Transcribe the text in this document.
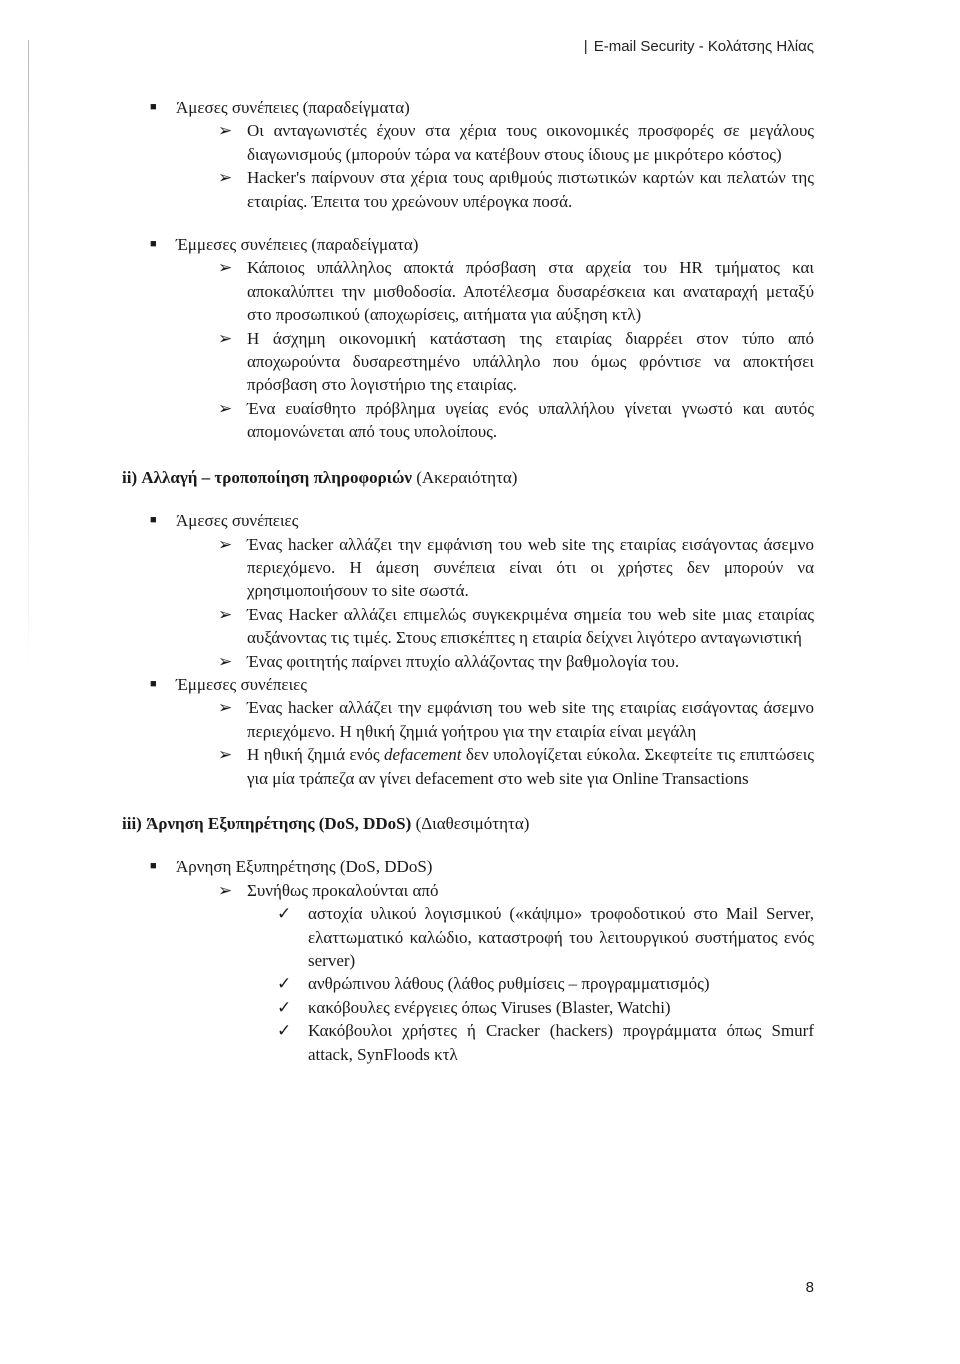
| E-mail Security - Κολάτσης Ηλίας
■ Άμεσες συνέπειες (παραδείγματα)
➢ Οι ανταγωνιστές έχουν στα χέρια τους οικονομικές προσφορές σε μεγάλους διαγωνισμούς (μπορούν τώρα να κατέβουν στους ίδιους με μικρότερο κόστος)
➢ Hacker's παίρνουν στα χέρια τους αριθμούς πιστωτικών καρτών και πελατών της εταιρίας. Έπειτα του χρεώνουν υπέρογκα ποσά.
■ Έμμεσες συνέπειες (παραδείγματα)
➢ Κάποιος υπάλληλος αποκτά πρόσβαση στα αρχεία του HR τμήματος και αποκαλύπτει την μισθοδοσία. Αποτέλεσμα δυσαρέσκεια και αναταραχή μεταξύ στο προσωπικού (αποχωρίσεις, αιτήματα για αύξηση κτλ)
➢ Η άσχημη οικονομική κατάσταση της εταιρίας διαρρέει στον τύπο από αποχωρούντα δυσαρεστημένο υπάλληλο που όμως φρόντισε να αποκτήσει πρόσβαση στο λογιστήριο της εταιρίας.
➢ Ένα ευαίσθητο πρόβλημα υγείας ενός υπαλλήλου γίνεται γνωστό και αυτός απομονώνεται από τους υπολοίπους.
ii) Αλλαγή – τροποποίηση πληροφοριών (Ακεραιότητα)
■ Άμεσες συνέπειες
➢ Ένας hacker αλλάζει την εμφάνιση του web site της εταιρίας εισάγοντας άσεμνο περιεχόμενο. Η άμεση συνέπεια είναι ότι οι χρήστες δεν μπορούν να χρησιμοποιήσουν το site σωστά.
➢ Ένας Hacker αλλάζει επιμελώς συγκεκριμένα σημεία του web site μιας εταιρίας αυξάνοντας τις τιμές. Στους επισκέπτες η εταιρία δείχνει λιγότερο ανταγωνιστική
➢ Ένας φοιτητής παίρνει πτυχίο αλλάζοντας την βαθμολογία του.
■ Έμμεσες συνέπειες
➢ Ένας hacker αλλάζει την εμφάνιση του web site της εταιρίας εισάγοντας άσεμνο περιεχόμενο. Η ηθική ζημιά γοήτρου για την εταιρία είναι μεγάλη
➢ Η ηθική ζημιά ενός defacement δεν υπολογίζεται εύκολα. Σκεφτείτε τις επιπτώσεις για μία τράπεζα αν γίνει defacement στο web site για Online Transactions
iii) Άρνηση Εξυπηρέτησης (DoS, DDoS) (Διαθεσιμότητα)
■ Άρνηση Εξυπηρέτησης (DoS, DDoS)
➢ Συνήθως προκαλούνται από
✓ αστοχία υλικού λογισμικού («κάψιμο» τροφοδοτικού στο Mail Server, ελαττωματικό καλώδιο, καταστροφή του λειτουργικού συστήματος ενός server)
✓ ανθρώπινου λάθους (λάθος ρυθμίσεις – προγραμματισμός)
✓ κακόβουλες ενέργειες όπως Viruses (Blaster, Watchi)
✓ Κακόβουλοι χρήστες ή Cracker (hackers) προγράμματα όπως Smurf attack, SynFloods κτλ
8
